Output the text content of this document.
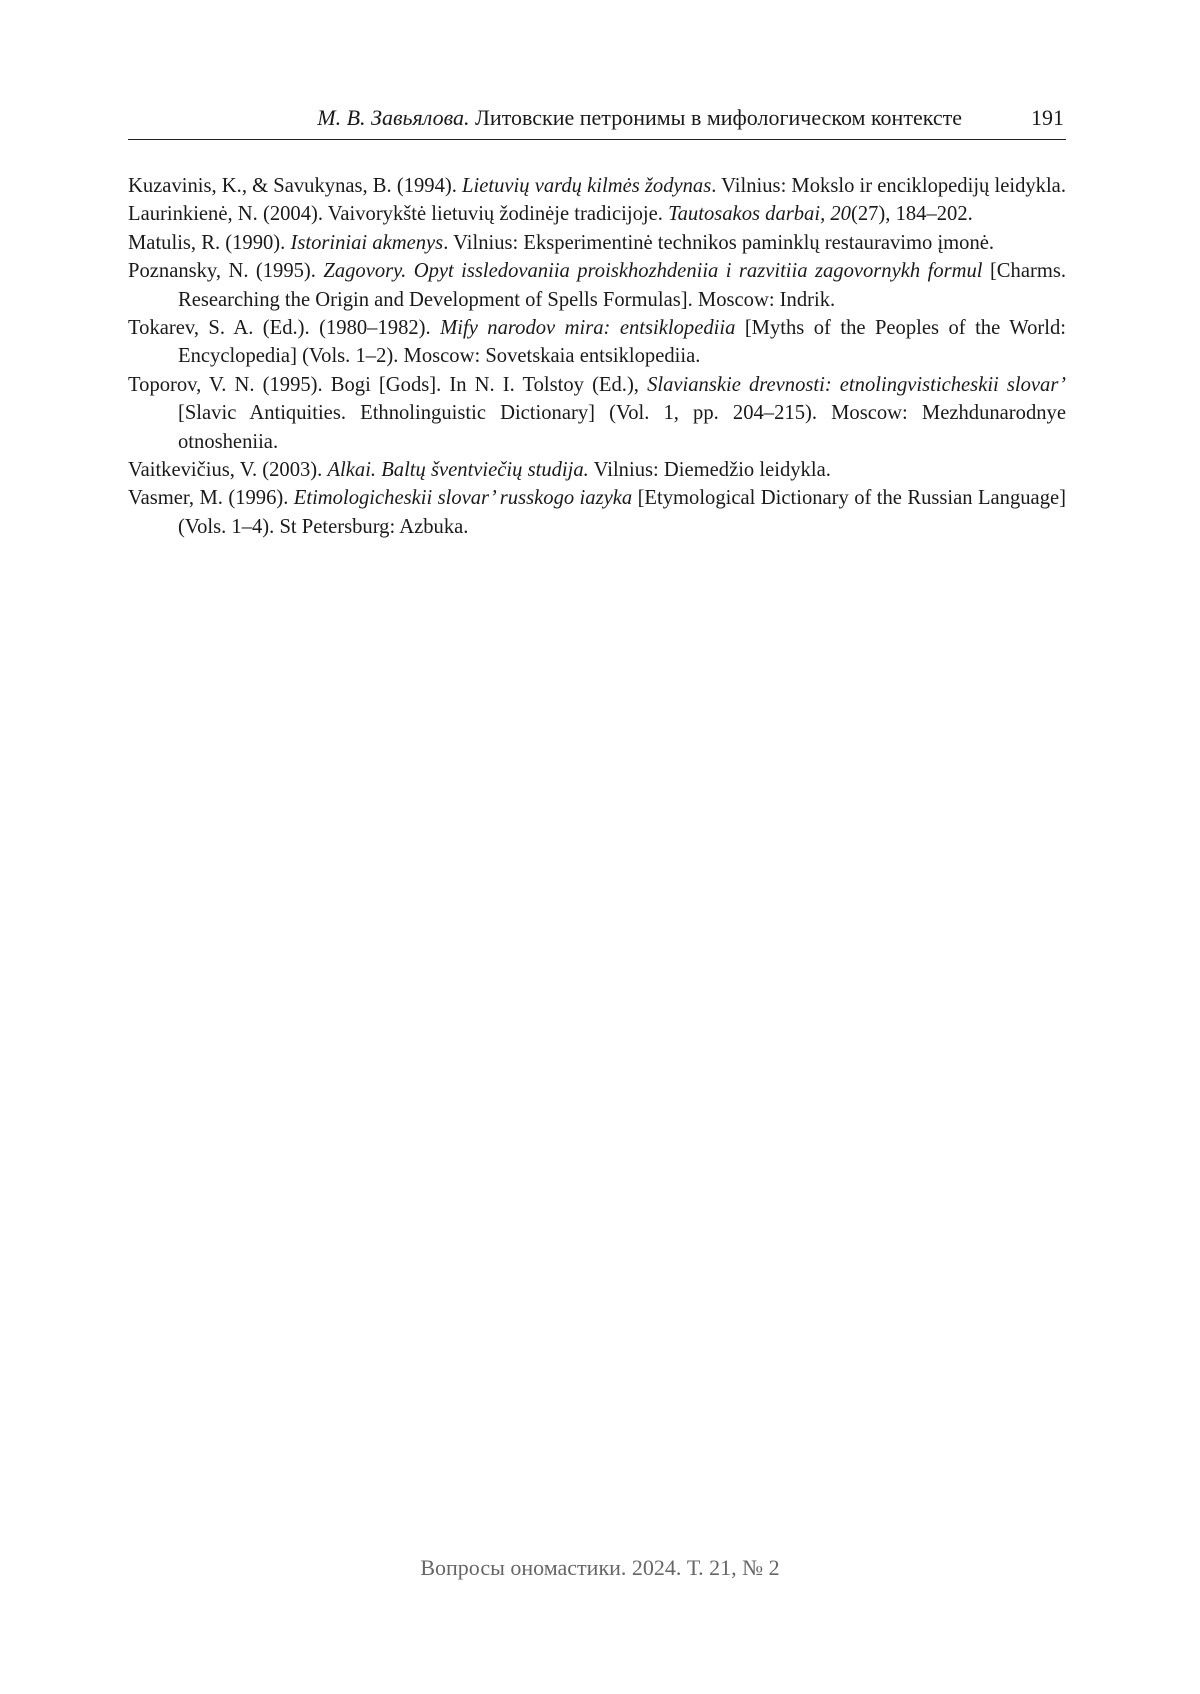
М. В. Завьялова. Литовские петронимы в мифологическом контексте	191

Kuzavinis, K., & Savukynas, B. (1994). Lietuvių vardų kilmės žodynas. Vilnius: Mokslo ir enciklopedijų leidykla.

Laurinkienė, N. (2004). Vaivorykštė lietuvių žodinėje tradicijoje. Tautosakos darbai, 20(27), 184–202.

Matulis, R. (1990). Istoriniai akmenys. Vilnius: Eksperimentinė technikos paminklų restauravimo įmonė.

Poznansky, N. (1995). Zagovory. Opyt issledovaniia proiskhozhdeniia i razvitiia zagovornykh formul [Charms. Researching the Origin and Development of Spells Formulas]. Moscow: Indrik.

Tokarev, S. A. (Ed.). (1980–1982). Mify narodov mira: entsiklopediia [Myths of the Peoples of the World: Encyclopedia] (Vols. 1–2). Moscow: Sovetskaia entsiklopediia.

Toporov, V. N. (1995). Bogi [Gods]. In N. I. Tolstoy (Ed.), Slavianskie drevnosti: etnolingvisticheskii slovar’ [Slavic Antiquities. Ethnolinguistic Dictionary] (Vol. 1, pp. 204–215). Moscow: Mezhdunarodnye otnosheniia.

Vaitkevičius, V. (2003). Alkai. Baltų šventviečių studija. Vilnius: Diemedžio leidykla.

Vasmer, M. (1996). Etimologicheskii slovar’ russkogo iazyka [Etymological Dictionary of the Russian Language] (Vols. 1–4). St Petersburg: Azbuka.

Вопросы ономастики. 2024. Т. 21, № 2
